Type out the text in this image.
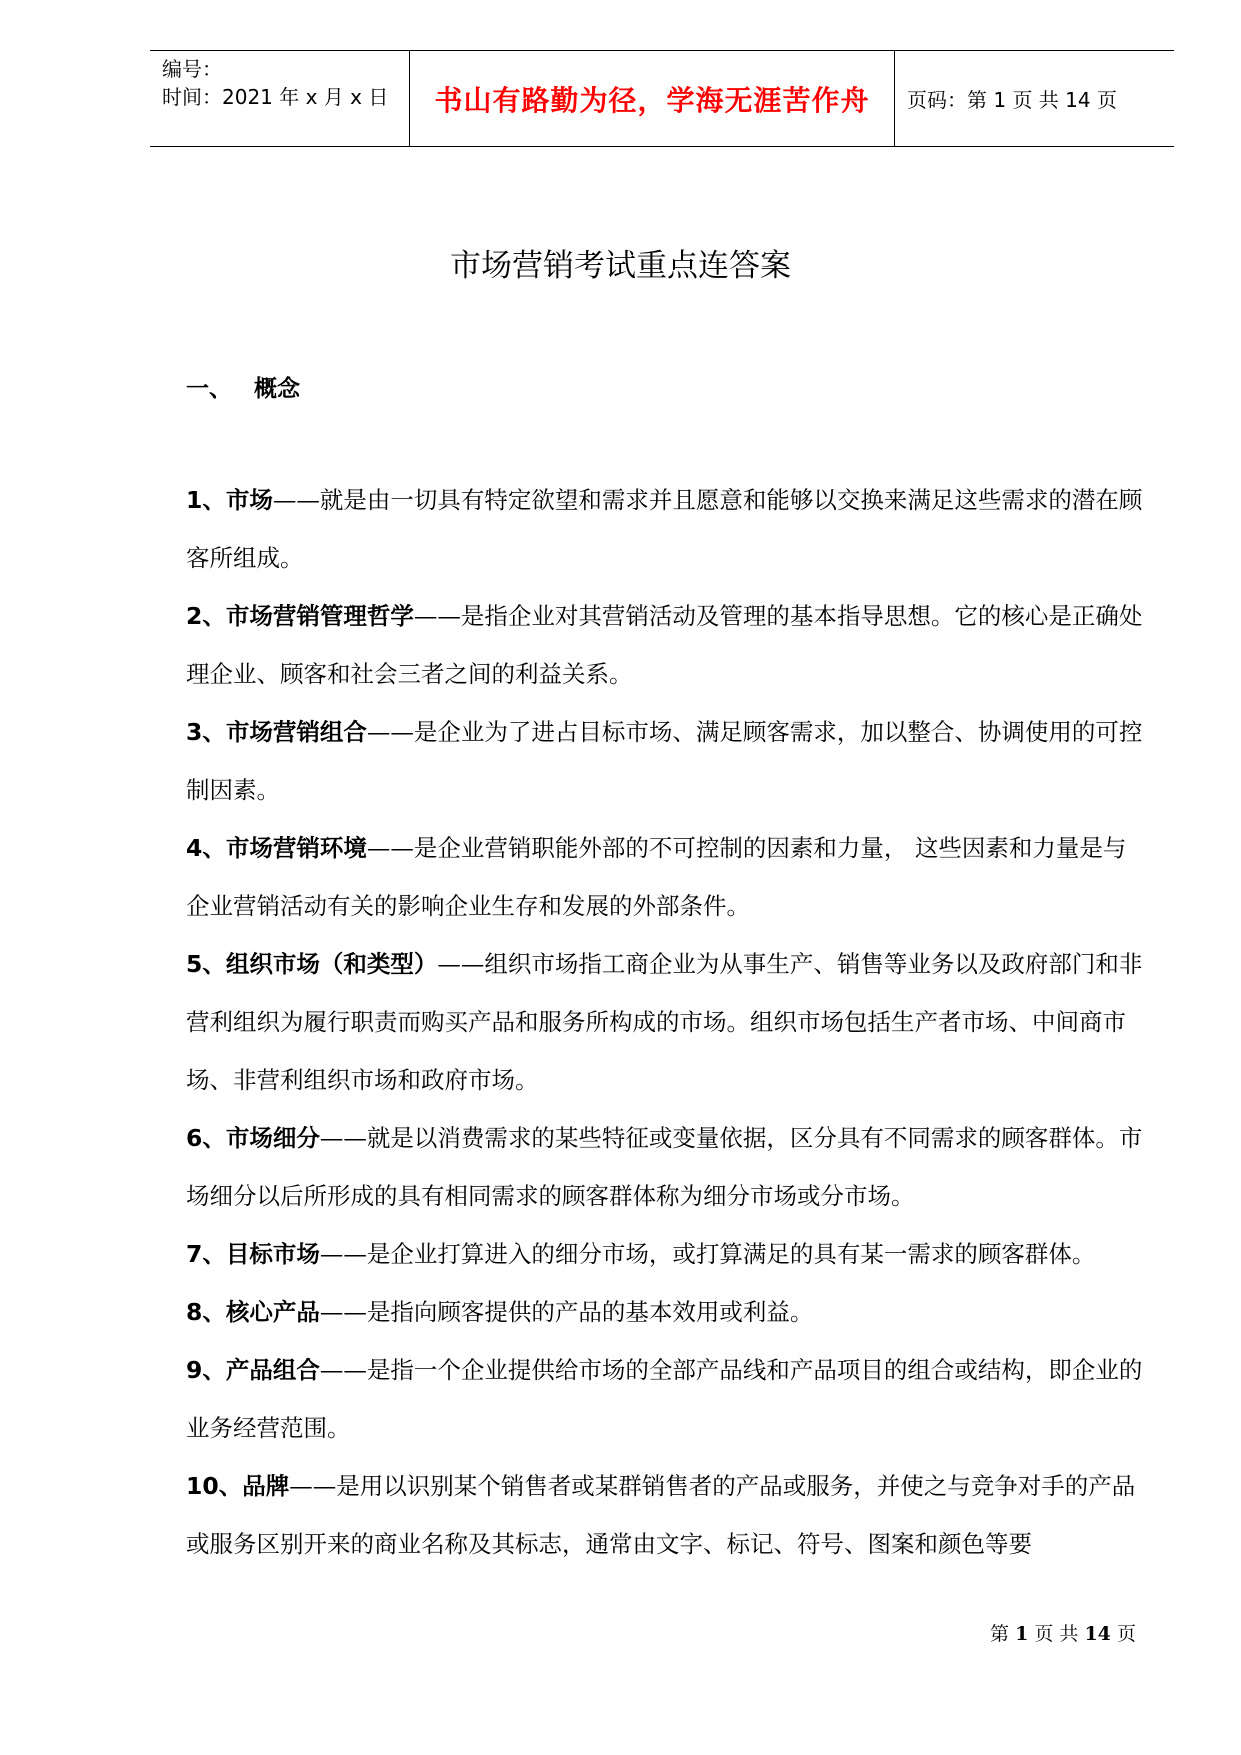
编号：
时间：2021 年 x 月 x 日	书山有路勤为径，学海无涯苦作舟	页码：第 1 页 共 14 页
市场营销考试重点连答案
一、 概念

1、市场——就是由一切具有特定欲望和需求并且愿意和能够以交换来满足这些需求的潜在顾客所组成。

2、市场营销管理哲学——是指企业对其营销活动及管理的基本指导思想。它的核心是正确处理企业、顾客和社会三者之间的利益关系。

3、市场营销组合——是企业为了进占目标市场、满足顾客需求，加以整合、协调使用的可控制因素。

4、市场营销环境——是企业营销职能外部的不可控制的因素和力量， 这些因素和力量是与企业营销活动有关的影响企业生存和发展的外部条件。

5、组织市场（和类型）——组织市场指工商企业为从事生产、销售等业务以及政府部门和非营利组织为履行职责而购买产品和服务所构成的市场。组织市场包括生产者市场、中间商市场、非营利组织市场和政府市场。

6、市场细分——就是以消费需求的某些特征或变量依据，区分具有不同需求的顾客群体。市场细分以后所形成的具有相同需求的顾客群体称为细分市场或分市场。

7、目标市场——是企业打算进入的细分市场，或打算满足的具有某一需求的顾客群体。

8、核心产品——是指向顾客提供的产品的基本效用或利益。

9、产品组合——是指一个企业提供给市场的全部产品线和产品项目的组合或结构，即企业的业务经营范围。

10、品牌——是用以识别某个销售者或某群销售者的产品或服务，并使之与竞争对手的产品或服务区别开来的商业名称及其标志，通常由文字、标记、符号、图案和颜色等要

第 1 页 共 14 页
